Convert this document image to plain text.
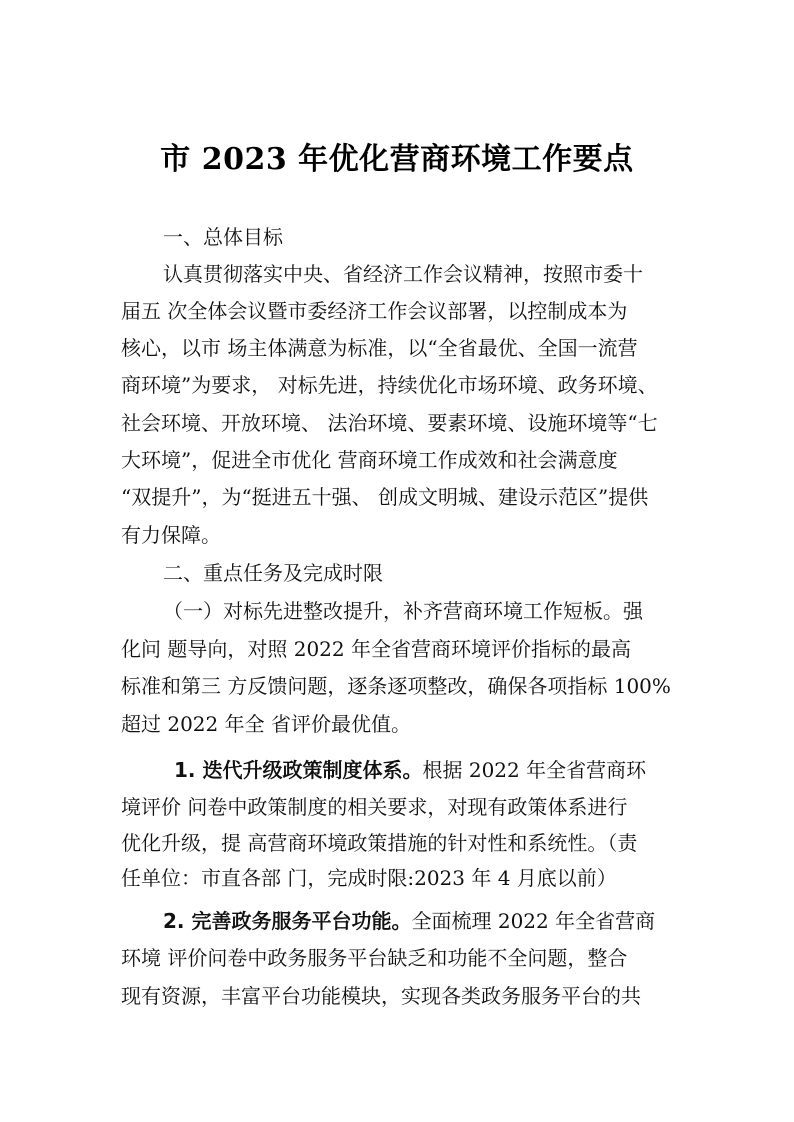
市 2023 年优化营商环境工作要点
一、总体目标
认真贯彻落实中央、省经济工作会议精神，按照市委十
届五 次全体会议暨市委经济工作会议部署，以控制成本为
核心，以市 场主体满意为标准，以“全省最优、全国一流营
商环境”为要求， 对标先进，持续优化市场环境、政务环境、
社会环境、开放环境、 法治环境、要素环境、设施环境等“七
大环境”，促进全市优化 营商环境工作成效和社会满意度
“双提升”，为“挺进五十强、 创成文明城、建设示范区”提供
有力保障。
二、重点任务及完成时限
（一）对标先进整改提升，补齐营商环境工作短板。强
化问 题导向，对照 2022 年全省营商环境评价指标的最高
标准和第三 方反馈问题，逐条逐项整改，确保各项指标 100%
超过 2022 年全 省评价最优值。
1. 迭代升级政策制度体系。根据 2022 年全省营商环
境评价 问卷中政策制度的相关要求，对现有政策体系进行
优化升级，提 高营商环境政策措施的针对性和系统性。（责
任单位：市直各部 门，完成时限:2023 年 4 月底以前）
2. 完善政务服务平台功能。全面梳理 2022 年全省营商
环境 评价问卷中政务服务平台缺乏和功能不全问题，整合
现有资源，丰富平台功能模块，实现各类政务服务平台的共
